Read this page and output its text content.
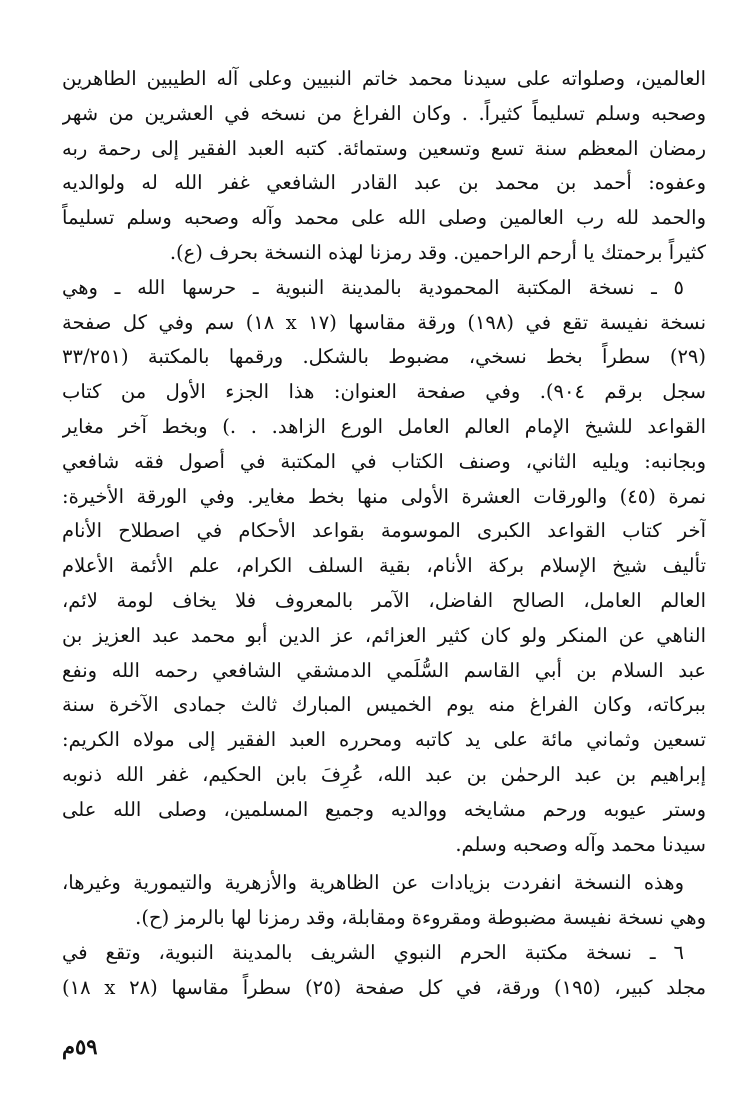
العالمين، وصلواته على سيدنا محمد خاتم النبيين وعلى آله الطيبين الطاهرين
وصحبه وسلم تسليماً كثيراً. . وكان الفراغ من نسخه في العشرين من شهر
رمضان المعظم سنة تسع وتسعين وستمائة. كتبه العبد الفقير إلى رحمة ربه
وعفوه: أحمد بن محمد بن عبد القادر الشافعي غفر الله له ولوالديه
والحمد لله رب العالمين وصلى الله على محمد وآله وصحبه وسلم تسليماً
كثيراً برحمتك يا أرحم الراحمين. وقد رمزنا لهذه النسخة بحرف (ع).
٥ ـ نسخة المكتبة المحمودية بالمدينة النبوية ـ حرسها الله ـ وهي
نسخة نفيسة تقع في (١٩٨) ورقة مقاسها (١٧ x ١٨) سم وفي كل صفحة
(٢٩) سطراً بخط نسخي، مضبوط بالشكل. ورقمها بالمكتبة (٣٣/٢٥١
سجل برقم ٩٠٤). وفي صفحة العنوان: هذا الجزء الأول من كتاب
القواعد للشيخ الإمام العالم العامل الورع الزاهد. . .) وبخط آخر مغاير
وبجانبه: ويليه الثاني، وصنف الكتاب في المكتبة في أصول فقه شافعي
نمرة (٤٥) والورقات العشرة الأولى منها بخط مغاير. وفي الورقة الأخيرة:
آخر كتاب القواعد الكبرى الموسومة بقواعد الأحكام في اصطلاح الأنام
تأليف شيخ الإسلام بركة الأنام، بقية السلف الكرام، علم الأئمة الأعلام
العالم العامل، الصالح الفاضل، الآمر بالمعروف فلا يخاف لومة لائم،
الناهي عن المنكر ولو كان كثير العزائم، عز الدين أبو محمد عبد العزيز بن
عبد السلام بن أبي القاسم السُّلَمي الدمشقي الشافعي رحمه الله ونفع
ببركاته، وكان الفراغ منه يوم الخميس المبارك ثالث جمادى الآخرة سنة
تسعين وثماني مائة على يد كاتبه ومحرره العبد الفقير إلى مولاه الكريم:
إبراهيم بن عبد الرحمٰن بن عبد الله، عُرِفَ بابن الحكيم، غفر الله ذنوبه
وستر عيوبه ورحم مشايخه ووالديه وجميع المسلمين، وصلى الله على
سيدنا محمد وآله وصحبه وسلم.
وهذه النسخة انفردت بزيادات عن الظاهرية والأزهرية والتيمورية وغيرها،
وهي نسخة نفيسة مضبوطة ومقروءة ومقابلة، وقد رمزنا لها بالرمز (ح).
٦ ـ نسخة مكتبة الحرم النبوي الشريف بالمدينة النبوية، وتقع في
مجلد كبير، (١٩٥) ورقة، في كل صفحة (٢٥) سطراً مقاسها (٢٨ x ١٨)
٥٩م
